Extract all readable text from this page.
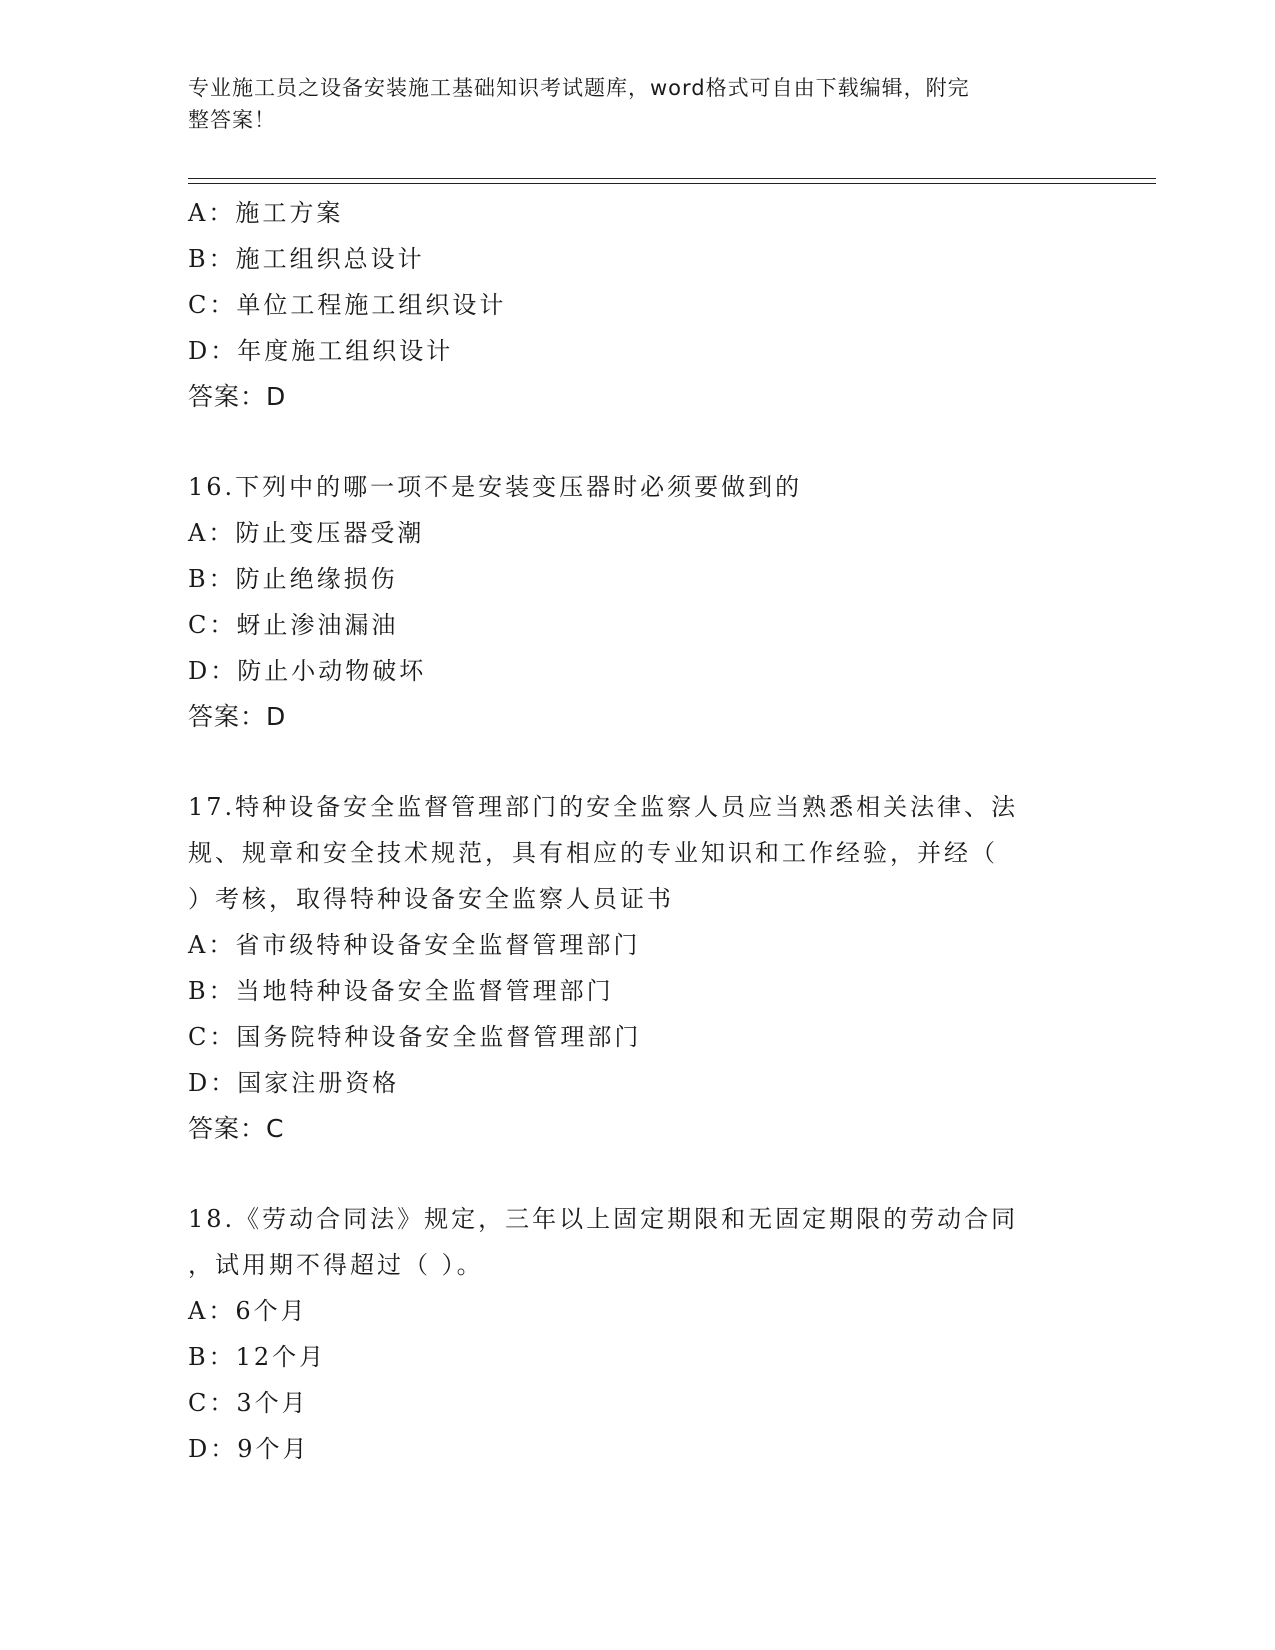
专业施工员之设备安装施工基础知识考试题库，word格式可自由下载编辑，附完
整答案！
A：施工方案
B：施工组织总设计
C：单位工程施工组织设计
D：年度施工组织设计
答案：D
16.下列中的哪一项不是安装变压器时必须要做到的
A：防止变压器受潮
B：防止绝缘损伤
C：蚜止渗油漏油
D：防止小动物破坏
答案：D
17.特种设备安全监督管理部门的安全监察人员应当熟悉相关法律、法
规、规章和安全技术规范，具有相应的专业知识和工作经验，并经（
）考核，取得特种设备安全监察人员证书
A：省市级特种设备安全监督管理部门
B：当地特种设备安全监督管理部门
C：国务院特种设备安全监督管理部门
D：国家注册资格
答案：C
18.《劳动合同法》规定，三年以上固定期限和无固定期限的劳动合同
，试用期不得超过（ ）。
A：6个月
B：12个月
C：3个月
D：9个月
